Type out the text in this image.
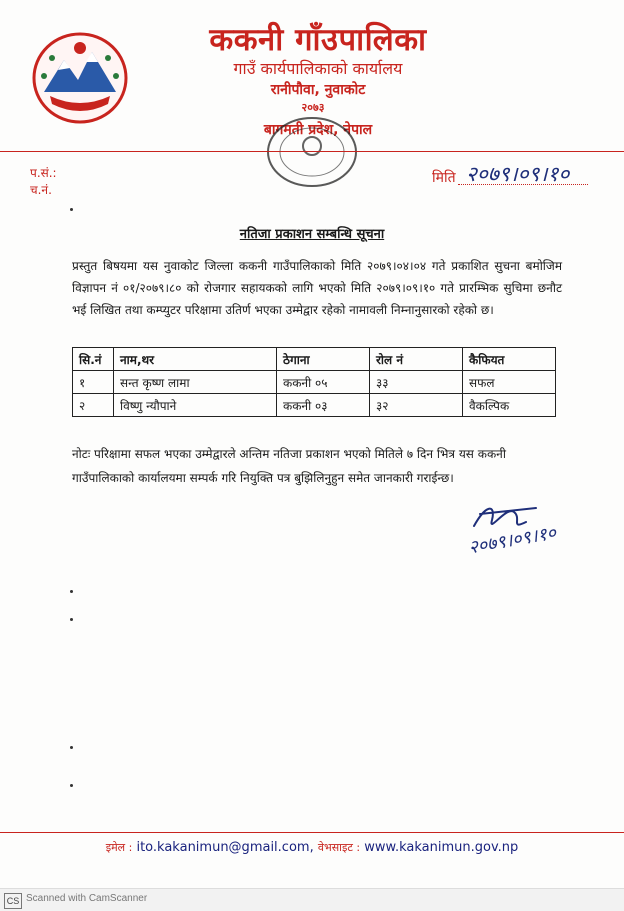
ककनी गाँउपालिका
गाउँ कार्यपालिकाको कार्यालय
रानीपौवा, नुवाकोट
२०७३
बागमती प्रदेश, नेपाल
प.सं.:
च.नं.
मिति २०७९।०९।१०
नतिजा प्रकाशन सम्बन्धि सूचना
प्रस्तुत बिषयमा यस नुवाकोट जिल्ला ककनी गाउँपालिकाको मिति २०७९।०४।०४ गते प्रकाशित सुचना बमोजिम विज्ञापन नं ०१/२०७९।८० को रोजगार सहायककाे लागि भएको मिति २०७९।०९।१० गते प्रारम्भिक सुचिमा छनौट भई लिखित तथा कम्प्युटर परिक्षामा उतिर्ण भएका उम्मेद्वार रहेको नामावली निम्नानुसारको रहेको छ।
सि.नं	नाम,थर	ठेगाना	रोल नं	कैफियत
१	सन्त कृष्ण लामा	ककनी ०५	३३	सफल
२	विष्णु न्यौपाने	ककनी ०३	३२	वैकल्पिक
नोटः परिक्षामा सफल भएका उम्मेद्वारले अन्तिम नतिजा प्रकाशन भएको मितिले ७ दिन भित्र यस ककनी गाउँपालिकाको कार्यालयमा सम्पर्क गरि नियुक्ति पत्र बुझिलिनुहुन समेत जानकारी गराईन्छ।
२०७९।०९।१०
इमेल : ito.kakanimun@gmail.com, वेभसाइट : www.kakanimun.gov.np
CS Scanned with CamScanner
